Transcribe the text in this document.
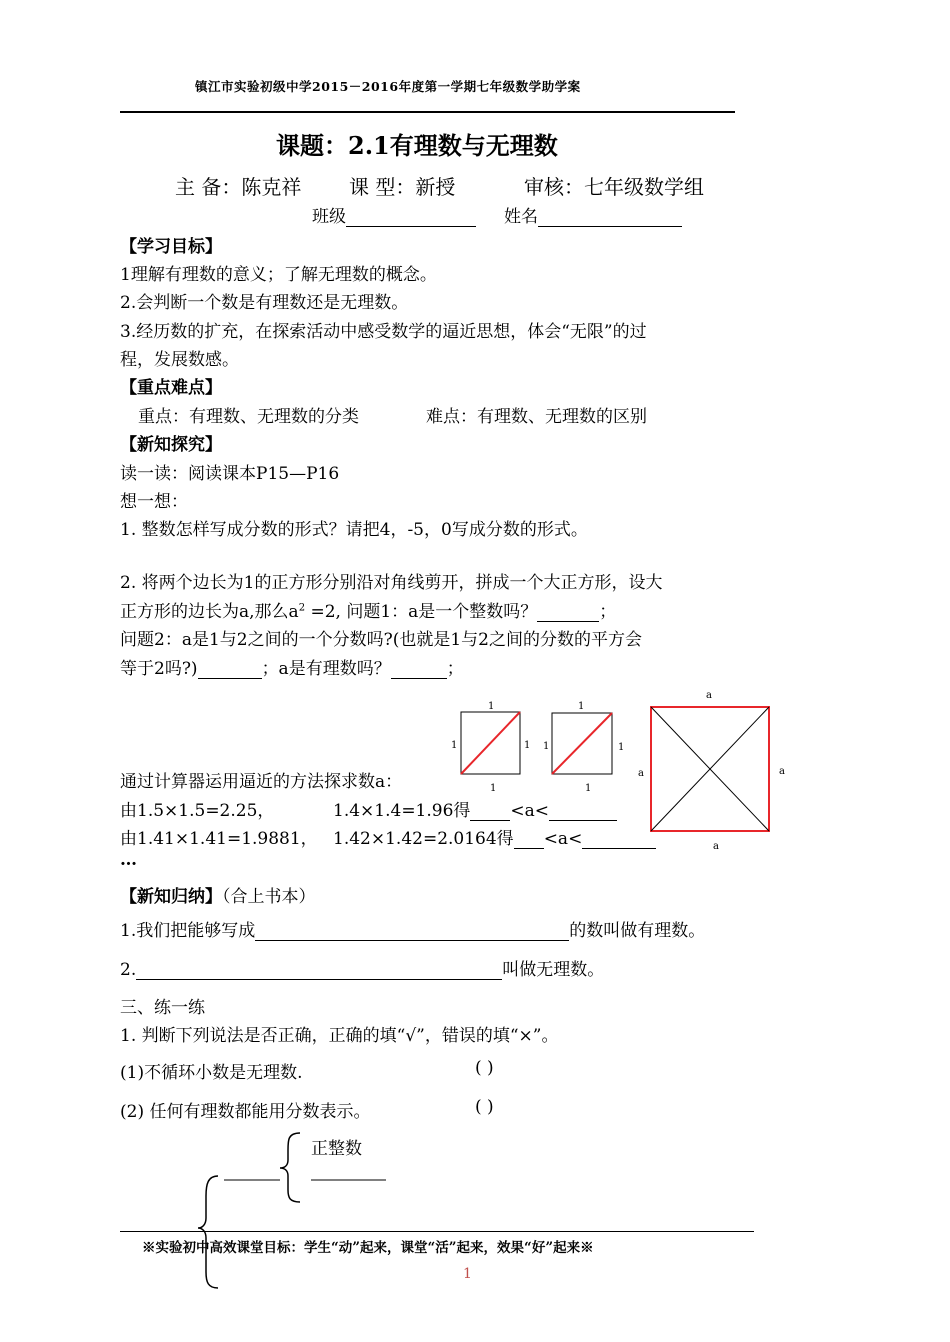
镇江市实验初级中学2015－2016年度第一学期七年级数学助学案
课题：2.1有理数与无理数
主 备：陈克祥 课 型：新授	审核：七年级数学组
班级	姓名
【学习目标】
1理解有理数的意义；了解无理数的概念。
2.会判断一个数是有理数还是无理数。
3.经历数的扩充，在探索活动中感受数学的逼近思想，体会“无限”的过
程，发展数感。
【重点难点】
重点：有理数、无理数的分类	难点：有理数、无理数的区别
【新知探究】
读一读：阅读课本P15—P16
想一想：
1. 整数怎样写成分数的形式？请把4，-5，0写成分数的形式。
2. 将两个边长为1的正方形分别沿对角线剪开，拼成一个大正方形，设大
正方形的边长为a,那么$a^2 =2$, 问题1：a是一个整数吗？	；
问题2：a是1与2之间的一个分数吗?(也就是1与2之间的分数的平方会
等于2吗?)	；a是有理数吗？	；
1
1	1
1
1
1	1
1
a
a	a
a
通过计算器运用逼近的方法探求数a：
由1.5×1.5=2.25，	1.4×1.4=1.96得 <a<
由1.41×1.41=1.9881， 1.42×1.42=2.0164得 <a<
…
【新知归纳】（合上书本）
1.我们把能够写成	的数叫做有理数。
2.	叫做无理数。
三、练一练
1. 判断下列说法是否正确，正确的填“√”，错误的填“×”。
(1)不循环小数是无理数.	( )
(2) 任何有理数都能用分数表示。	( )
正整数
※实验初中高效课堂目标：学生“动”起来，课堂“活”起来，效果“好”起来※
1
